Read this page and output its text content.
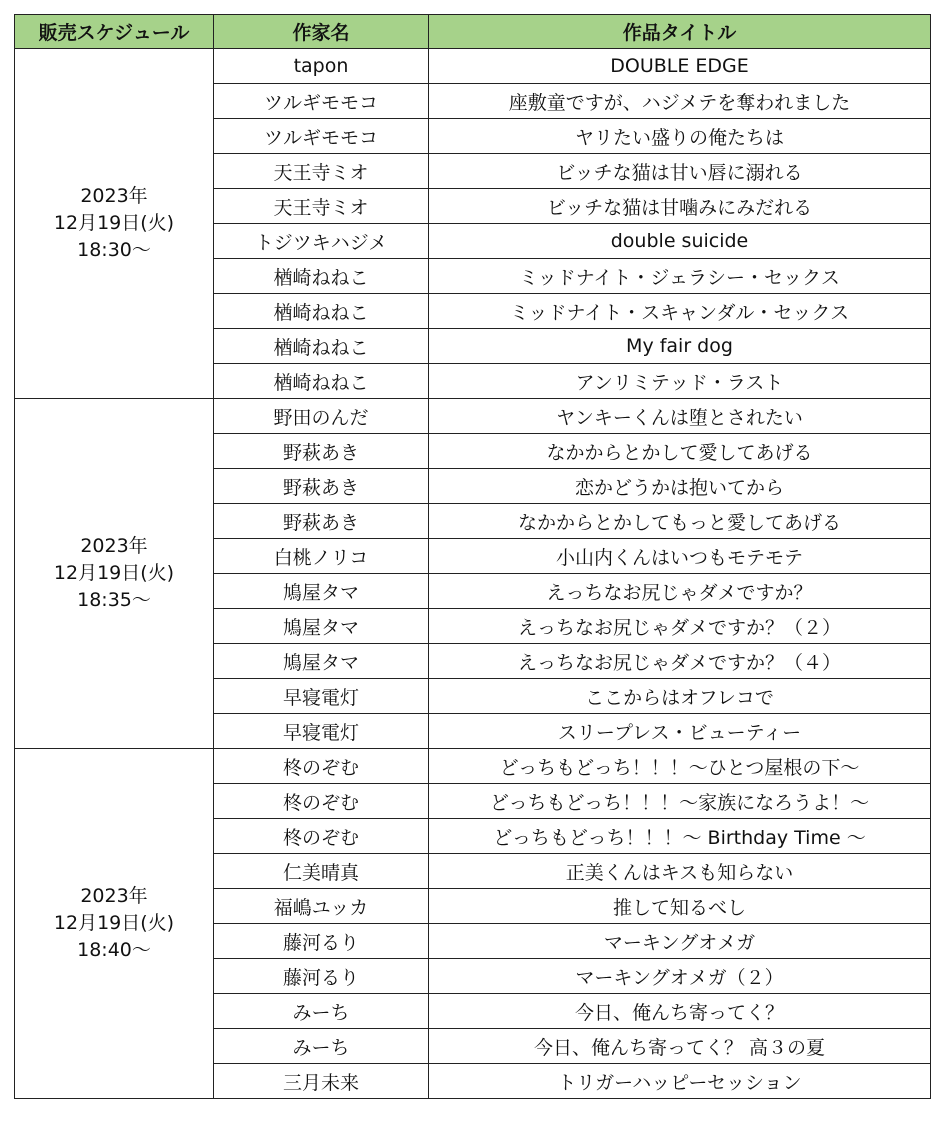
販売スケジュール	作家名	作品タイトル

2023年
12月19日(火)
18:30～	tapon	DOUBLE EDGE
	ツルギモモコ	座敷童ですが、ハジメテを奪われました
	ツルギモモコ	ヤリたい盛りの俺たちは
	天王寺ミオ	ビッチな猫は甘い唇に溺れる
	天王寺ミオ	ビッチな猫は甘噛みにみだれる
	トジツキハジメ	double suicide
	楢崎ねねこ	ミッドナイト・ジェラシー・セックス
	楢崎ねねこ	ミッドナイト・スキャンダル・セックス
	楢崎ねねこ	My fair dog
	楢崎ねねこ	アンリミテッド・ラスト

2023年
12月19日(火)
18:35～	野田のんだ	ヤンキーくんは堕とされたい
	野萩あき	なかからとかして愛してあげる
	野萩あき	恋かどうかは抱いてから
	野萩あき	なかからとかしてもっと愛してあげる
	白桃ノリコ	小山内くんはいつもモテモテ
	鳩屋タマ	えっちなお尻じゃダメですか？
	鳩屋タマ	えっちなお尻じゃダメですか？（２）
	鳩屋タマ	えっちなお尻じゃダメですか？（４）
	早寝電灯	ここからはオフレコで
	早寝電灯	スリープレス・ビューティー

2023年
12月19日(火)
18:40～	柊のぞむ	どっちもどっち！！！～ひとつ屋根の下～
	柊のぞむ	どっちもどっち！！！～家族になろうよ！～
	柊のぞむ	どっちもどっち！！！～ Birthday Time ～
	仁美晴真	正美くんはキスも知らない
	福嶋ユッカ	推して知るべし
	藤河るり	マーキングオメガ
	藤河るり	マーキングオメガ（２）
	みーち	今日、俺んち寄ってく？
	みーち	今日、俺んち寄ってく？ 高３の夏
	三月未来	トリガーハッピーセッション
